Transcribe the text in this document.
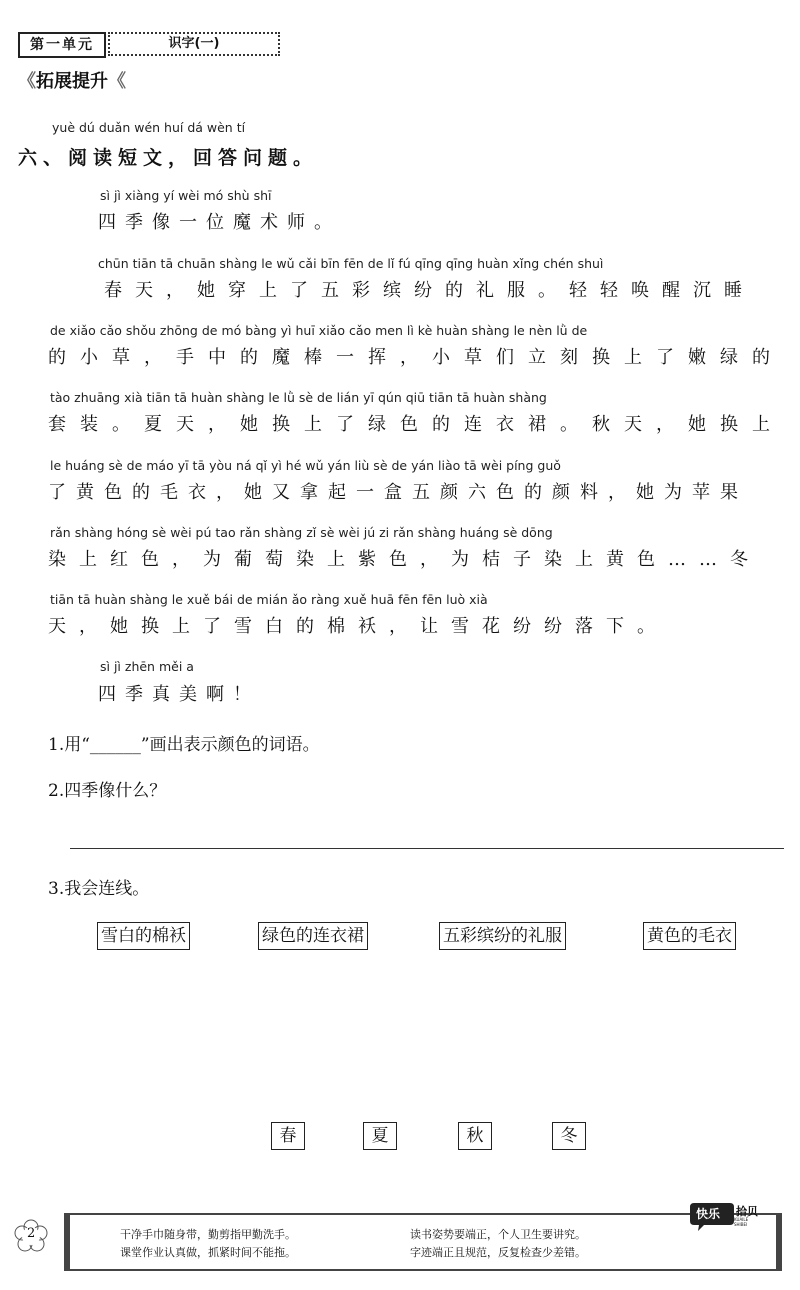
第一单元	识字(一)
《拓展提升《
yuè dú duǎn wén huí dá wèn tí
六、阅读短文，回答问题。
sì jì xiàng yí wèi mó shù shī
四季像一位魔术师。
chūn tiān tā chuān shàng le wǔ cǎi bīn fēn de lǐ fú qīng qīng huàn xǐng chén shuì
春天，她穿上了五彩缤纷的礼服。轻轻唤醒沉睡
de xiǎo cǎo shǒu zhōng de mó bàng yì huī xiǎo cǎo men lì kè huàn shàng le nèn lǜ de
的小草，手中的魔棒一挥，小草们立刻换上了嫩绿的
tào zhuāng xià tiān tā huàn shàng le lǜ sè de lián yī qún qiū tiān tā huàn shàng
套装。夏天，她换上了绿色的连衣裙。秋天，她换上
le huáng sè de máo yī tā yòu ná qǐ yì hé wǔ yán liù sè de yán liào tā wèi píng guǒ
了黄色的毛衣，她又拿起一盒五颜六色的颜料，她为苹果
rǎn shàng hóng sè wèi pú tao rǎn shàng zǐ sè wèi jú zi rǎn shàng huáng sè dōng
染上红色，为葡萄染上紫色，为桔子染上黄色……冬
tiān tā huàn shàng le xuě bái de mián ǎo ràng xuě huā fēn fēn luò xià
天，她换上了雪白的棉袄，让雪花纷纷落下。
sì jì zhēn měi a
四季真美啊！
1.用“______”画出表示颜色的词语。
2.四季像什么？
3.我会连线。
雪白的棉袄	绿色的连衣裙	五彩缤纷的礼服	黄色的毛衣
春	夏	秋	冬
2	干净手巾随身带，勤剪指甲勤洗手。
课堂作业认真做，抓紧时间不能拖。
读书姿势要端正，个人卫生要讲究。
字迹端正且规范，反复检查少差错。
快乐 拾贝
KUAILE SHIBEI
